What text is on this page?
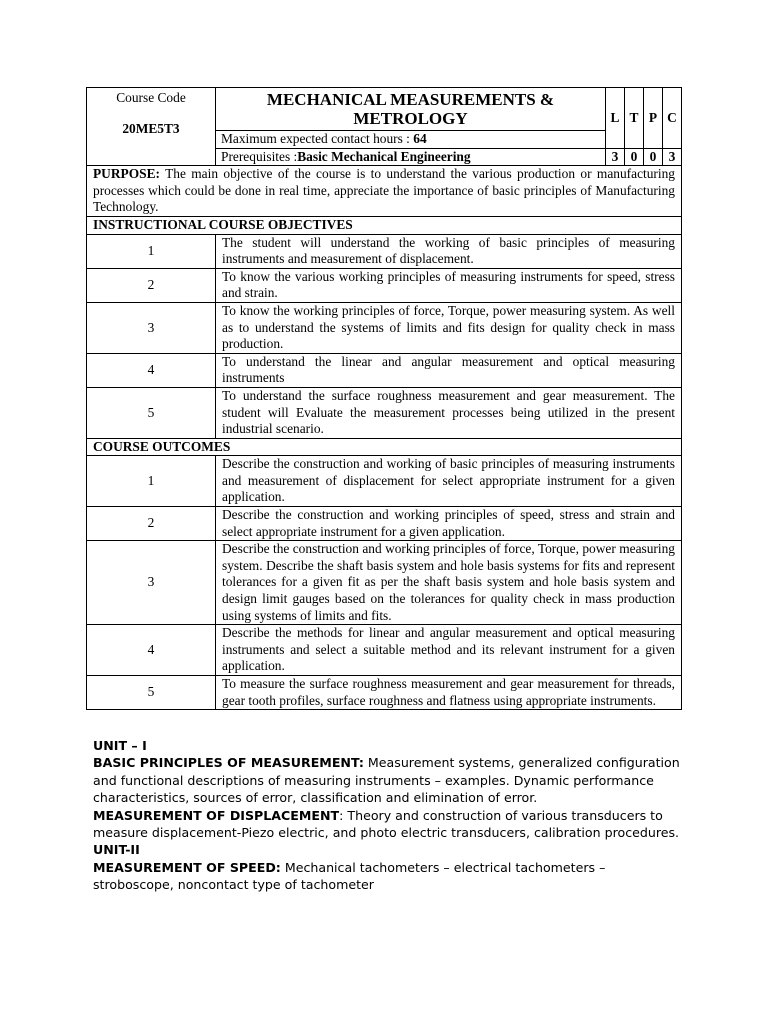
Course Code
20ME5T3	MECHANICAL MEASUREMENTS & METROLOGY	L	T	P	C
	Maximum expected contact hours : 64				
	Prerequisites :Basic Mechanical Engineering	3	0	0	3
PURPOSE: The main objective of the course is to understand the various production or manufacturing processes which could be done in real time, appreciate the importance of basic principles of Manufacturing Technology.					
INSTRUCTIONAL COURSE OBJECTIVES					
1	The student will understand the working of basic principles of measuring instruments and measurement of displacement.				
2	To know the various working principles of measuring instruments for speed, stress and strain.				
3	To know the working principles of force, Torque, power measuring system. As well as to understand the systems of limits and fits design for quality check in mass production.				
4	To understand the linear and angular measurement and optical measuring instruments				
5	To understand the surface roughness measurement and gear measurement. The student will Evaluate the measurement processes being utilized in the present industrial scenario.				
COURSE OUTCOMES					
1	Describe the construction and working of basic principles of measuring instruments and measurement of displacement for select appropriate instrument for a given application.				
2	Describe the construction and working principles of speed, stress and strain and select appropriate instrument for a given application.				
3	Describe the construction and working principles of force, Torque, power measuring system. Describe the shaft basis system and hole basis systems for fits and represent tolerances for a given fit as per the shaft basis system and hole basis system and design limit gauges based on the tolerances for quality check in mass production using systems of limits and fits.				
4	Describe the methods for linear and angular measurement and optical measuring instruments and select a suitable method and its relevant instrument for a given application.				
5	To measure the surface roughness measurement and gear measurement for threads, gear tooth profiles, surface roughness and flatness using appropriate instruments.				

UNIT – I

BASIC PRINCIPLES OF MEASUREMENT: Measurement systems, generalized configuration and functional descriptions of measuring instruments – examples. Dynamic performance characteristics, sources of error, classification and elimination of error.

MEASUREMENT OF DISPLACEMENT: Theory and construction of various transducers to measure displacement-Piezo electric, and photo electric transducers, calibration procedures.

UNIT-II

MEASUREMENT OF SPEED: Mechanical tachometers – electrical tachometers – stroboscope, noncontact type of tachometer
